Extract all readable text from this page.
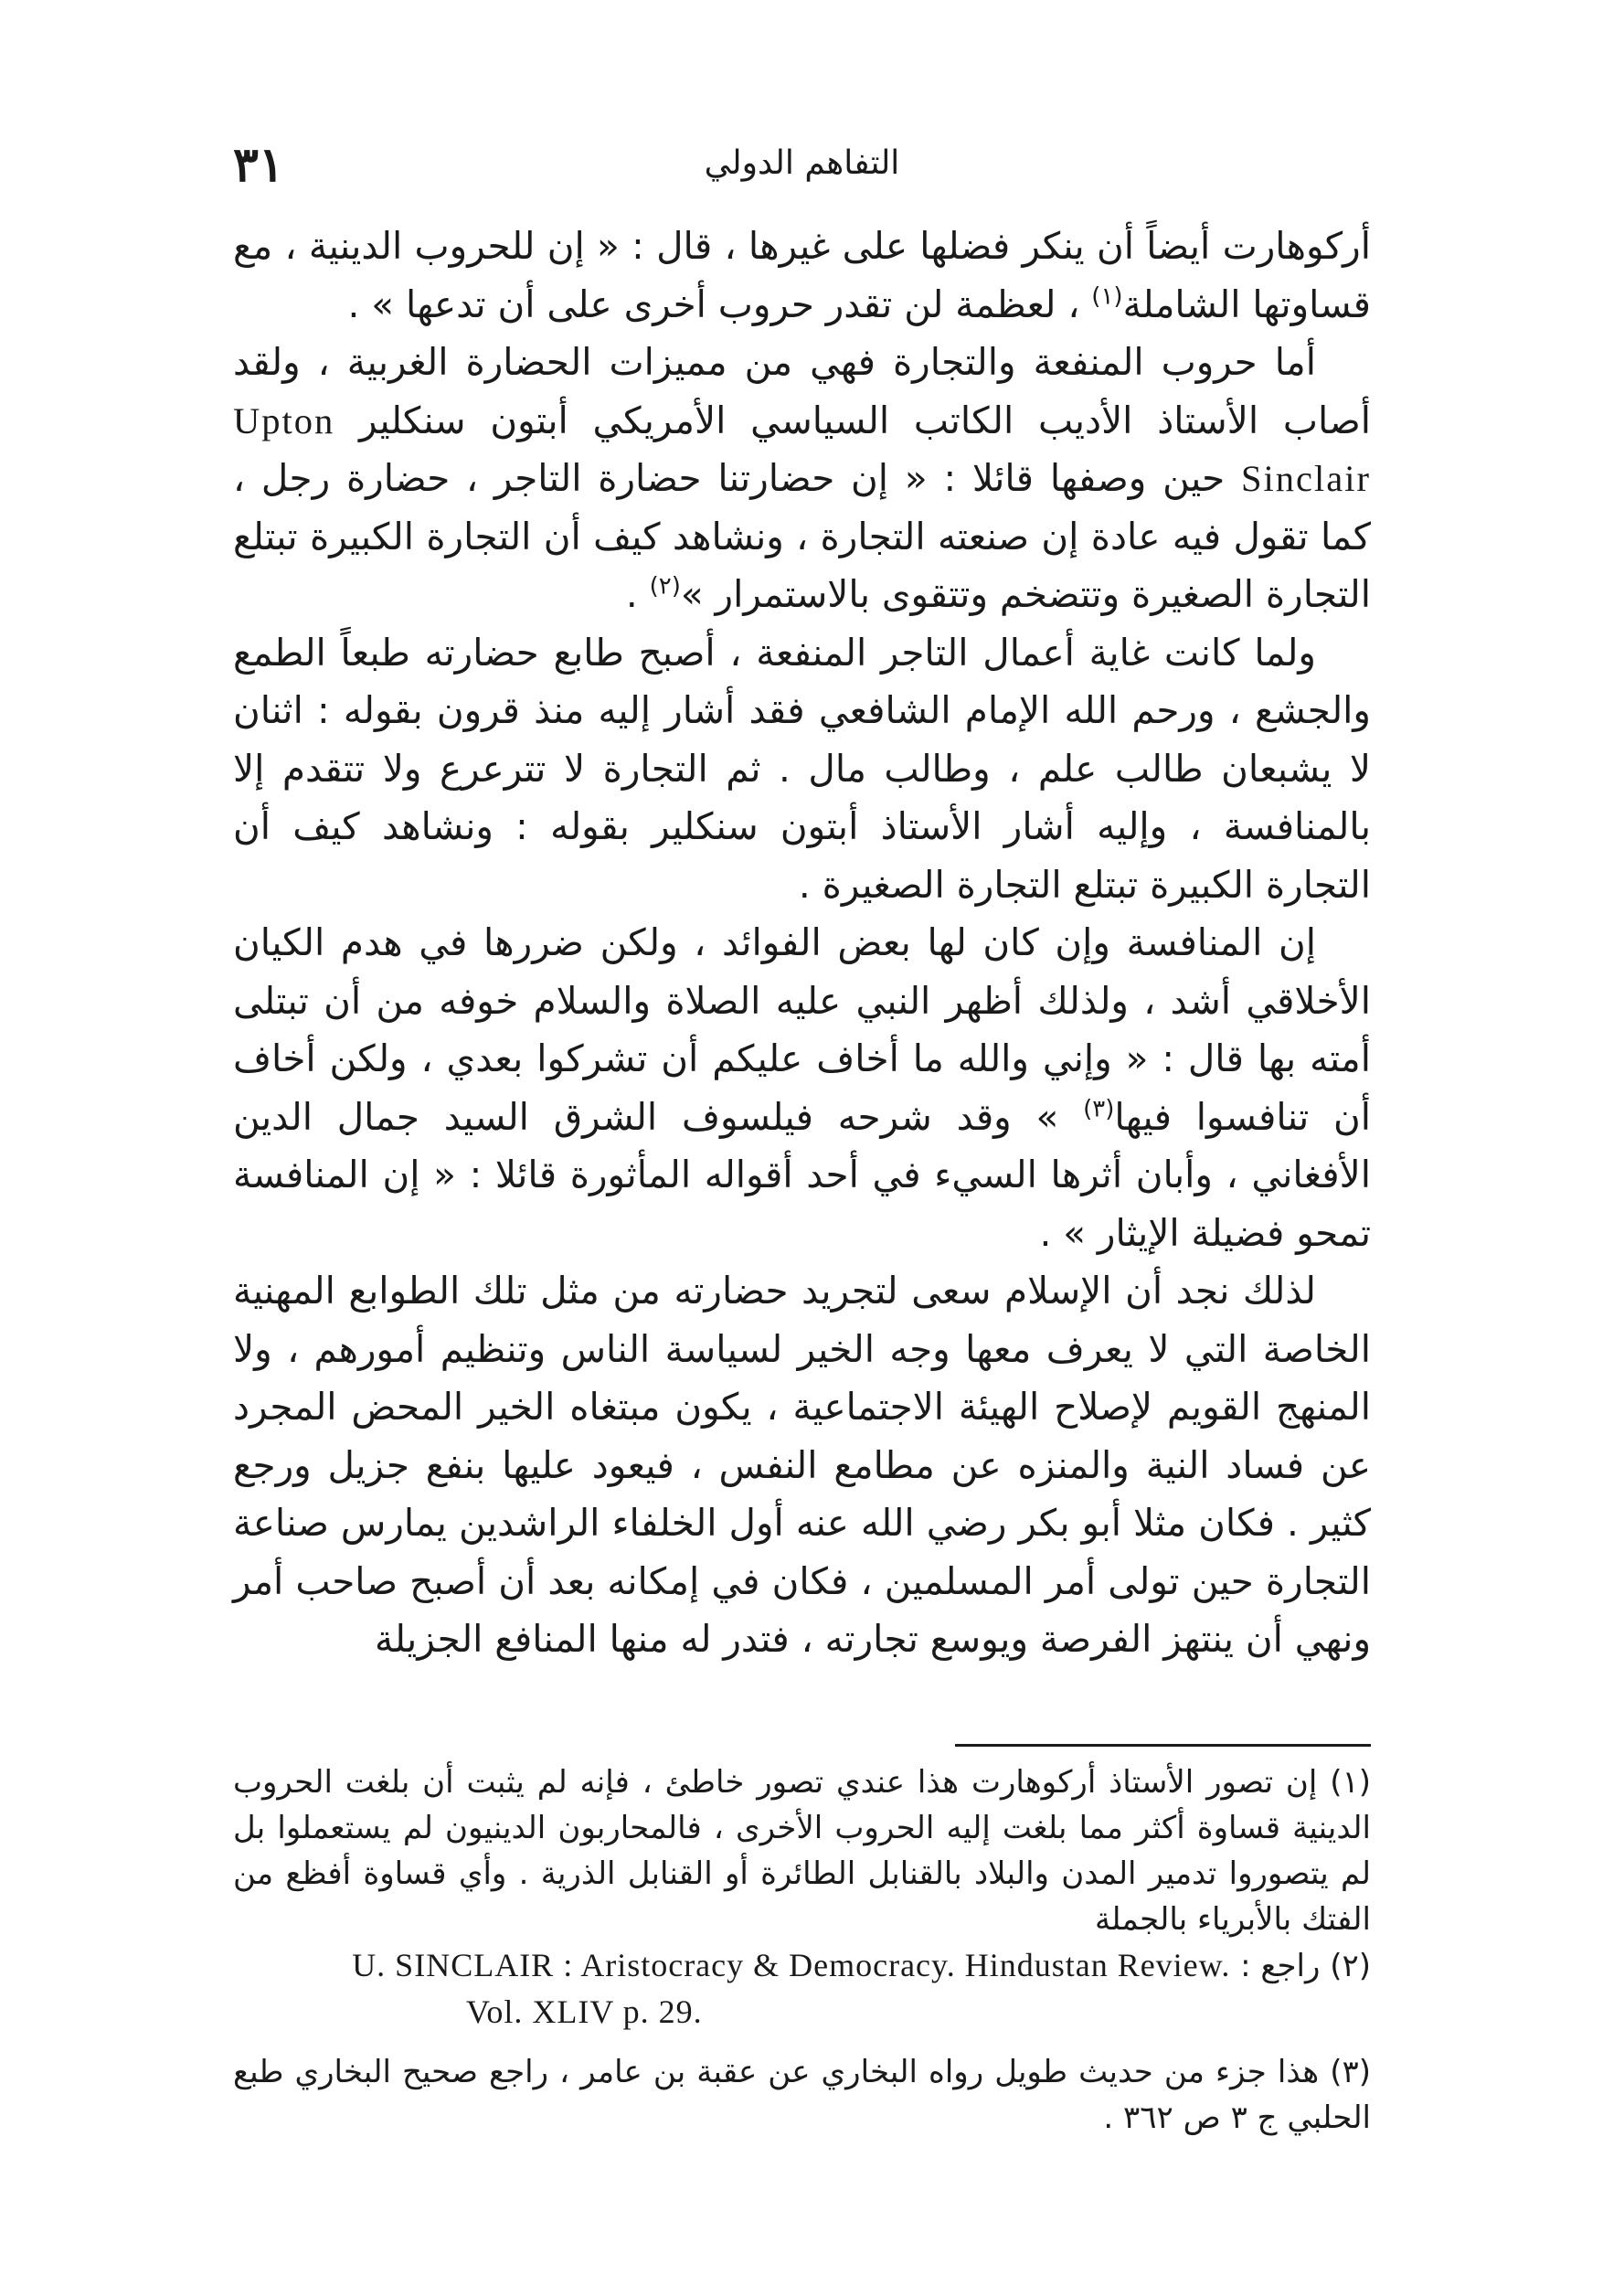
٣١	التفاهم الدولي

أركوهارت أيضاً أن ينكر فضلها على غيرها ، قال : « إن للحروب الدينية ، مع قساوتها الشاملة$^{(١)}$ ، لعظمة لن تقدر حروب أخرى على أن تدعها » .

أما حروب المنفعة والتجارة فهي من مميزات الحضارة الغربية ، ولقد أصاب الأستاذ الأديب الكاتب السياسي الأمريكي أبتون سنكلير Upton Sinclair حين وصفها قائلا : « إن حضارتنا حضارة التاجر ، حضارة رجل ، كما تقول فيه عادة إن صنعته التجارة ، ونشاهد كيف أن التجارة الكبيرة تبتلع التجارة الصغيرة وتتضخم وتتقوى بالاستمرار »$^{(٢)}$ .

ولما كانت غاية أعمال التاجر المنفعة ، أصبح طابع حضارته طبعاً الطمع والجشع ، ورحم الله الإمام الشافعي فقد أشار إليه منذ قرون بقوله : اثنان لا يشبعان طالب علم ، وطالب مال . ثم التجارة لا تترعرع ولا تتقدم إلا بالمنافسة ، وإليه أشار الأستاذ أبتون سنكلير بقوله : ونشاهد كيف أن التجارة الكبيرة تبتلع التجارة الصغيرة .

إن المنافسة وإن كان لها بعض الفوائد ، ولكن ضررها في هدم الكيان الأخلاقي أشد ، ولذلك أظهر النبي عليه الصلاة والسلام خوفه من أن تبتلى أمته بها قال : « وإني والله ما أخاف عليكم أن تشركوا بعدي ، ولكن أخاف أن تنافسوا فيها$^{(٣)}$ » وقد شرحه فيلسوف الشرق السيد جمال الدين الأفغاني ، وأبان أثرها السيء في أحد أقواله المأثورة قائلا : « إن المنافسة تمحو فضيلة الإيثار » .

لذلك نجد أن الإسلام سعى لتجريد حضارته من مثل تلك الطوابع المهنية الخاصة التي لا يعرف معها وجه الخير لسياسة الناس وتنظيم أمورهم ، ولا المنهج القويم لإصلاح الهيئة الاجتماعية ، يكون مبتغاه الخير المحض المجرد عن فساد النية والمنزه عن مطامع النفس ، فيعود عليها بنفع جزيل ورجع كثير . فكان مثلا أبو بكر رضي الله عنه أول الخلفاء الراشدين يمارس صناعة التجارة حين تولى أمر المسلمين ، فكان في إمكانه بعد أن أصبح صاحب أمر ونهي أن ينتهز الفرصة ويوسع تجارته ، فتدر له منها المنافع الجزيلة

(١) إن تصور الأستاذ أركوهارت هذا عندي تصور خاطئ ، فإنه لم يثبت أن بلغت الحروب الدينية قساوة أكثر مما بلغت إليه الحروب الأخرى ، فالمحاربون الدينيون لم يستعملوا بل لم يتصوروا تدمير المدن والبلاد بالقنابل الطائرة أو القنابل الذرية . وأي قساوة أفظع من الفتك بالأبرياء بالجملة

(٢) راجع : U. SINCLAIR : Aristocracy & Democracy. Hindustan Review.

Vol. XLIV p. 29.

(٣) هذا جزء من حديث طويل رواه البخاري عن عقبة بن عامر ، راجع صحيح البخاري طبع الحلبي ج ٣ ص ٣٦٢ .
